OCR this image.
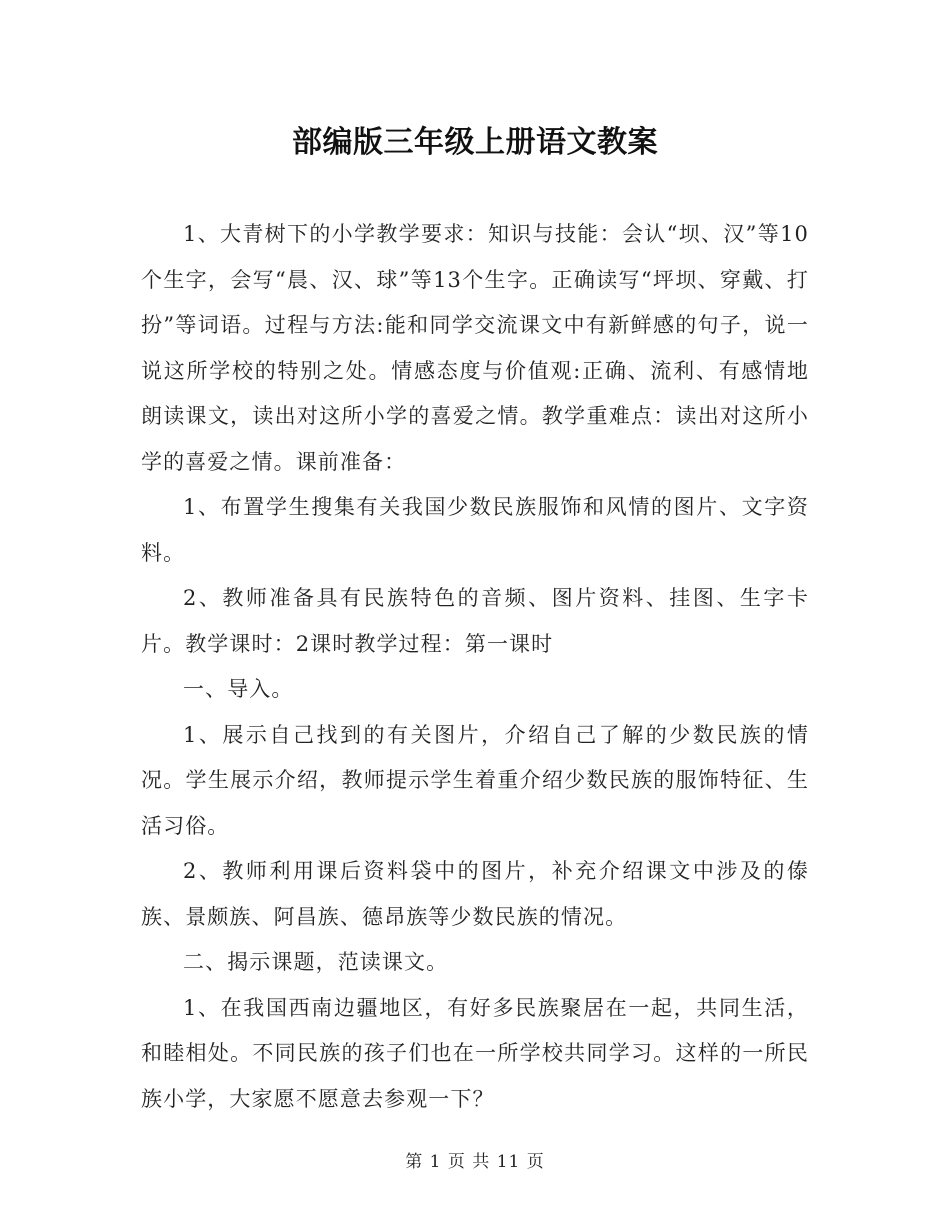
部编版三年级上册语文教案

1、大青树下的小学教学要求：知识与技能：会认“坝、汉”等10个生字，会写“晨、汉、球”等13个生字。正确读写“坪坝、穿戴、打扮”等词语。过程与方法:能和同学交流课文中有新鲜感的句子，说一说这所学校的特别之处。情感态度与价值观:正确、流利、有感情地朗读课文，读出对这所小学的喜爱之情。教学重难点：读出对这所小学的喜爱之情。课前准备：

1、布置学生搜集有关我国少数民族服饰和风情的图片、文字资料。

2、教师准备具有民族特色的音频、图片资料、挂图、生字卡片。教学课时：2课时教学过程：第一课时

一、导入。

1、展示自己找到的有关图片，介绍自己了解的少数民族的情况。学生展示介绍，教师提示学生着重介绍少数民族的服饰特征、生活习俗。

2、教师利用课后资料袋中的图片，补充介绍课文中涉及的傣族、景颇族、阿昌族、德昂族等少数民族的情况。

二、揭示课题，范读课文。

1、在我国西南边疆地区，有好多民族聚居在一起，共同生活，和睦相处。不同民族的孩子们也在一所学校共同学习。这样的一所民族小学，大家愿不愿意去参观一下？

第 1 页 共 11 页
